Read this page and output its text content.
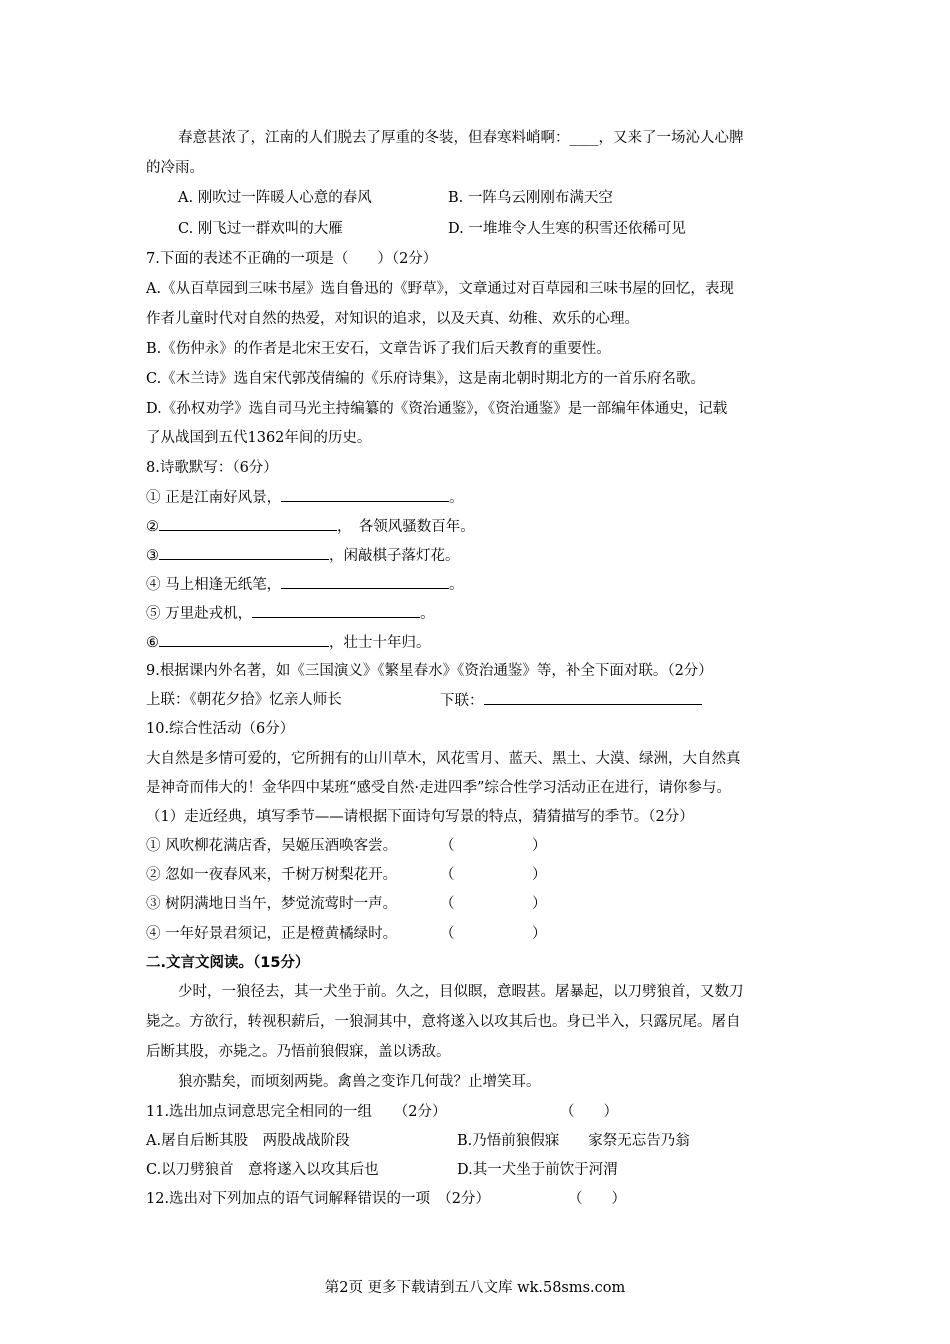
春意甚浓了，江南的人们脱去了厚重的冬装，但春寒料峭啊：____，又来了一场沁人心脾
的冷雨。
A. 刚吹过一阵暖人心意的春风	B. 一阵乌云刚刚布满天空
C. 刚飞过一群欢叫的大雁	D. 一堆堆令人生寒的积雪还依稀可见
7.下面的表述不正确的一项是（　　）（2分）
A.《从百草园到三味书屋》选自鲁迅的《野草》，文章通过对百草园和三味书屋的回忆，表现
作者儿童时代对自然的热爱，对知识的追求，以及天真、幼稚、欢乐的心理。
B.《伤仲永》的作者是北宋王安石，文章告诉了我们后天教育的重要性。
C.《木兰诗》选自宋代郭茂倩编的《乐府诗集》，这是南北朝时期北方的一首乐府名歌。
D.《孙权劝学》选自司马光主持编纂的《资治通鉴》，《资治通鉴》是一部编年体通史，记载
了从战国到五代1362年间的历史。
8.诗歌默写：（6分）
① 正是江南好风景，	。
②	，　各领风骚数百年。
③	，闲敲棋子落灯花。
④ 马上相逢无纸笔，	。
⑤ 万里赴戎机，	。
⑥	，壮士十年归。
9.根据课内外名著，如《三国演义》《繁星春水》《资治通鉴》等，补全下面对联。（2分）
上联：《朝花夕拾》忆亲人师长	下联：
10.综合性活动（6分）
大自然是多情可爱的，它所拥有的山川草木，风花雪月、蓝天、黑土、大漠、绿洲，大自然真
是神奇而伟大的！金华四中某班“感受自然·走进四季”综合性学习活动正在进行，请你参与。
（1）走近经典，填写季节——请根据下面诗句写景的特点，猜猜描写的季节。（2分）
① 风吹柳花满店香，吴姬压酒唤客尝。	（	）
② 忽如一夜春风来，千树万树梨花开。	（	）
③ 树阴满地日当午，梦觉流莺时一声。	（	）
④ 一年好景君须记，正是橙黄橘绿时。	（	）
二.文言文阅读。（15分）
少时，一狼径去，其一犬坐于前。久之，目似瞑，意暇甚。屠暴起，以刀劈狼首，又数刀
毙之。方欲行，转视积薪后，一狼洞其中，意将遂入以攻其后也。身已半入，只露尻尾。屠自
后断其股，亦毙之。乃悟前狼假寐，盖以诱敌。
狼亦黠矣，而顷刻两毙。禽兽之变诈几何哉？止增笑耳。
11.选出加点词意思完全相同的一组　　（2分）	（　　）
A.屠自后断其股　两股战战阶段	B.乃悟前狼假寐　　家祭无忘告乃翁
C.以刀劈狼首　意将遂入以攻其后也	D.其一犬坐于前饮于河渭
12.选出对下列加点的语气词解释错误的一项　（2分）	（　　）
第2页 更多下载请到五八文库 wk.58sms.com
